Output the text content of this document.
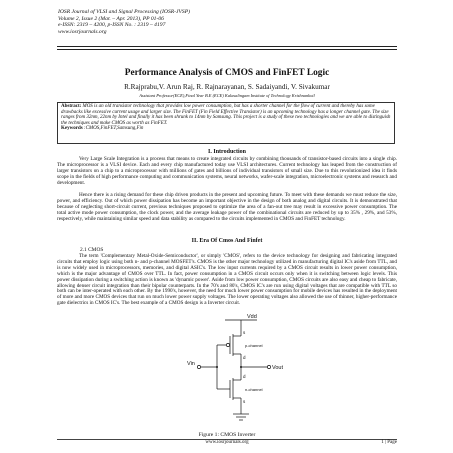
IOSR Journal of VLSI and Signal Processing (IOSR-JVSP)
Volume 2, Issue 2 (Mar. – Apr. 2013), PP 01-06
e-ISSN: 2319 – 4200, p-ISSN No. : 2319 – 4197
www.iosrjournals.org
Performance Analysis of CMOS and FinFET Logic
R.Rajprabu,V. Arun Raj, R. Rajnarayanan, S. Sadaiyandi, V. Sivakumar
Assistant Professor(ECE),Final Year B.E (ECE) Kalasalingam Institute of Technology Krishnankoil
Abstract: MOS is an old transistor technology that provides low power consumption, but has a shorter channel for the flow of current and thereby has some drawbacks like excessive current usage and larger size. The FinFET (Fin Field Effective Transistor) is an upcoming technology has a longer channel gate. The size ranges from 32nm, 22nm by Intel and finally it has been shrunk to 14nm by Samsung. This project is a study of these two technologies and we are able to distinguish the techniques and make CMOS as worth as FinFET.
Keywords :CMOS,FinFET,Samsung,Fin
I. Introduction
Very Large Scale Integration is a process that means to create integrated circuits by combining thousands of transistor-based circuits into a single chip. The microprocessor is a VLSI device. Each and every chip manufactured today use VLSI architectures. Current technology has leaped from the construction of larger transistors on a chip to a microprocessor with millions of gates and billions of individual transistors of small size. Due to this revolutionized idea it finds scope in the fields of high performance computing and communication systems, neural networks, wafer-scale integration, microelectronic systems and research and development.
Hence there is a rising demand for these chip driven products in the present and upcoming future. To meet with these demands we must reduce the size, power, and efficiency. Out of which power dissipation has become an important objective in the design of both analog and digital circuits. It is demonstrated that because of neglecting short-circuit current, previous techniques proposed to optimize the area of a fan-out tree may result in excessive power consumption. The total active mode power consumption, the clock power, and the average leakage power of the combinational circuits are reduced by up to 35% , 29%, and 53%, respectively, while maintaining similar speed and data stability as compared to the circuits implemented in CMOS and FinFET technology.
II. Era Of Cmos And Finfet
2.1 CMOS
The term 'Complementary Metal-Oxide-Semiconductor', or simply 'CMOS', refers to the device technology for designing and fabricating integrated circuits that employ logic using both n- and p-channel MOSFET's. CMOS is the other major technology utilized in manufacturing digital IC's aside from TTL, and is now widely used in microprocessors, memories, and digital ASIC's. The low input currents required by a CMOS circuit results in lower power consumption, which is the major advantage of CMOS over TTL. In fact, power consumption in a CMOS circuit occurs only when it is switching between logic levels. This power dissipation during a switching action is known as 'dynamic power'. Aside from low power consumption, CMOS circuits are also easy and cheap to fabricate, allowing denser circuit integration than their bipolar counterparts. In the 70's and 80's, CMOS IC's are run using digital voltages that are compatible with TTL so both can be inter-operated with each other. By the 1990's, however, the need for much lower power consumption for mobile devices has resulted in the deployment of more and more CMOS devices that run on much lower power supply voltages. The lower operating voltages also allowed the use of thinner, higher-performance gate dielectrics in CMOS IC's. The best example of a CMOS design is a Inverter circuit.
Vdd
Vin
Vout
s
d
d
s
p-channel
n-channel
Figure 1: CMOS Inverter
www.iosrjournals.org	1 | Page
